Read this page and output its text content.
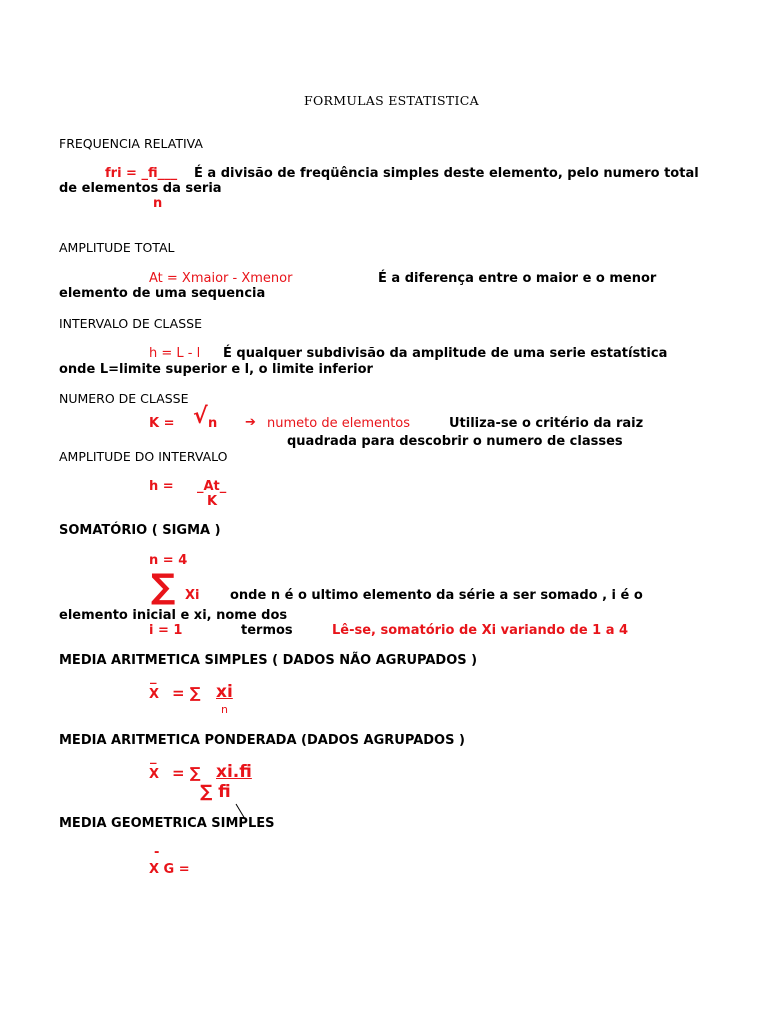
FORMULAS ESTATISTICA
FREQUENCIA RELATIVA
fri = _fi___ É a divisão de freqüência simples deste elemento, pelo numero total
de elementos da seria
n
AMPLITUDE TOTAL
At = Xmaior - Xmenor	É a diferença entre o maior e o menor
elemento de uma sequencia
INTERVALO DE CLASSE
h = L - l É qualquer subdivisão da amplitude de uma serie estatística
onde L=limite superior e l, o limite inferior
NUMERO DE CLASSE
K = √ n ➔ numeto de elementos	Utiliza-se o critério da raiz
quadrada para descobrir o numero de classes
AMPLITUDE DO INTERVALO
h = _At_
K
SOMATÓRIO ( SIGMA )
n = 4
∑ Xi onde n é o ultimo elemento da série a ser somado , i é o
elemento inicial e xi, nome dos
i = 1	termos	Lê-se, somatório de Xi variando de 1 a 4
MEDIA ARITMETICA SIMPLES ( DADOS NÃO AGRUPADOS )
_
X = ∑ xi
n
MEDIA ARITMETICA PONDERADA (DADOS AGRUPADOS )
_
X = ∑ xi.fi
∑ fi
MEDIA GEOMETRICA SIMPLES
-
X G =
